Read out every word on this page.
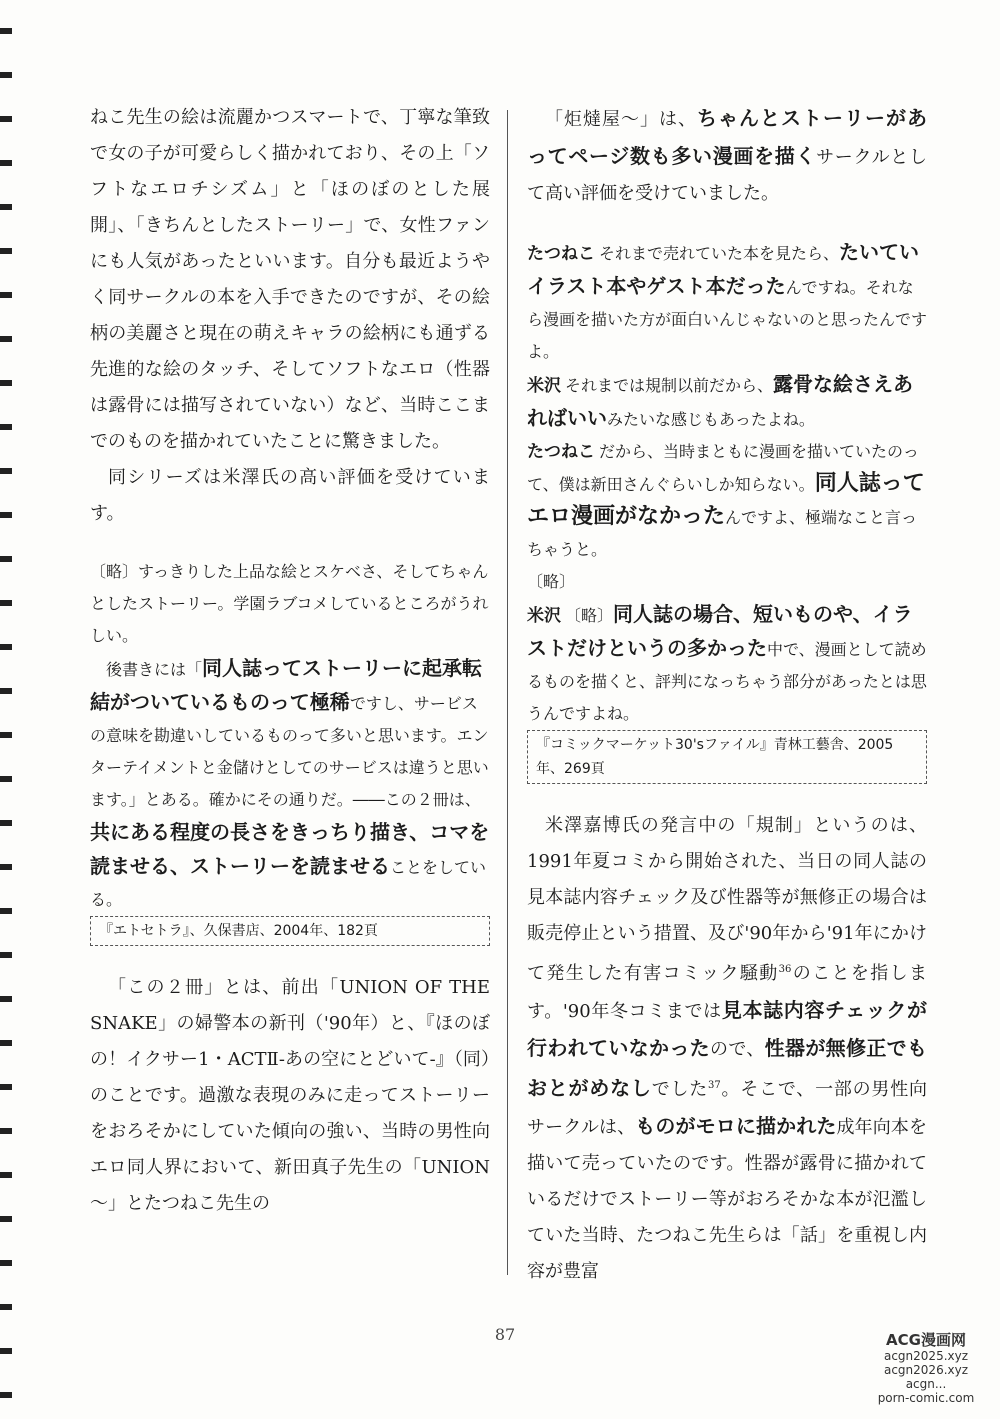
ねこ先生の絵は流麗かつスマートで、丁寧な筆致で女の子が可愛らしく描かれており、その上「ソフトなエロチシズム」と「ほのぼのとした展開」、「きちんとしたストーリー」で、女性ファンにも人気があったといいます。自分も最近ようやく同サークルの本を入手できたのですが、その絵柄の美麗さと現在の萌えキャラの絵柄にも通ずる先進的な絵のタッチ、そしてソフトなエロ（性器は露骨には描写されていない）など、当時ここまでのものを描かれていたことに驚きました。

同シリーズは米澤氏の高い評価を受けています。

〔略〕すっきりした上品な絵とスケベさ、そしてちゃんとしたストーリー。学園ラブコメしているところがうれしい。

後書きには「同人誌ってストーリーに起承転結がついているものって極稀ですし、サービスの意味を勘違いしているものって多いと思います。エンターテイメントと金儲けとしてのサービスは違うと思います。」とある。確かにその通りだ。――この２冊は、共にある程度の長さをきっちり描き、コマを読ませる、ストーリーを読ませることをしている。

『エトセトラ』、久保書店、2004年、182頁

「この２冊」とは、前出「UNION OF THE SNAKE」の婦警本の新刊（'90年）と、『ほのぼの！イクサー1・ACTⅡ-あの空にとどいて-』（同）のことです。過激な表現のみに走ってストーリーをおろそかにしていた傾向の強い、当時の男性向エロ同人界において、新田真子先生の「UNION～」とたつねこ先生の

「炬燵屋～」は、ちゃんとストーリーがあってページ数も多い漫画を描くサークルとして高い評価を受けていました。

たつねこ それまで売れていた本を見たら、たいていイラスト本やゲスト本だったんですね。それなら漫画を描いた方が面白いんじゃないのと思ったんですよ。

米沢 それまでは規制以前だから、露骨な絵さえあればいいみたいな感じもあったよね。

たつねこ だから、当時まともに漫画を描いていたのって、僕は新田さんぐらいしか知らない。同人誌ってエロ漫画がなかったんですよ、極端なこと言っちゃうと。

〔略〕

米沢 〔略〕同人誌の場合、短いものや、イラストだけというの多かった中で、漫画として読めるものを描くと、評判になっちゃう部分があったとは思うんですよね。

『コミックマーケット30'sファイル』青林工藝舎、2005年、269頁

米澤嘉博氏の発言中の「規制」というのは、1991年夏コミから開始された、当日の同人誌の見本誌内容チェック及び性器等が無修正の場合は販売停止という措置、及び'90年から'91年にかけて発生した有害コミック騒動$^{36}$のことを指します。'90年冬コミまでは見本誌内容チェックが行われていなかったので、性器が無修正でもおとがめなしでした$^{37}$。そこで、一部の男性向サークルは、ものがモロに描かれた成年向本を描いて売っていたのです。性器が露骨に描かれているだけでストーリー等がおろそかな本が氾濫していた当時、たつねこ先生らは「話」を重視し内容が豊富

87	ACG漫画网
acgn2025.xyz
acgn2026.xyz
acgn...
porn-comic.com
